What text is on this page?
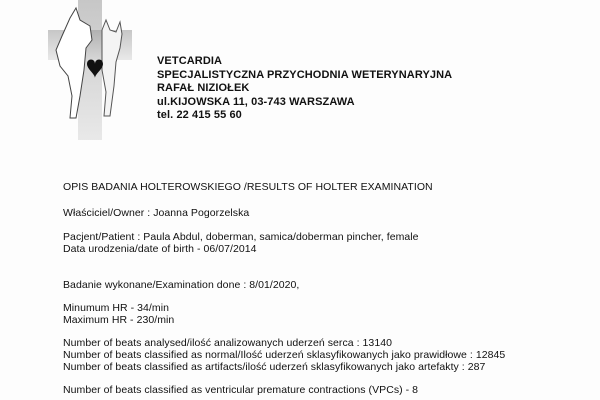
VETCARDIA
SPECJALISTYCZNA PRZYCHODNIA WETERYNARYJNA
RAFAŁ NIZIOŁEK
ul.KIJOWSKA 11, 03-743 WARSZAWA
tel. 22 415 55 60
OPIS BADANIA HOLTEROWSKIEGO /RESULTS OF HOLTER EXAMINATION
Właściciel/Owner : Joanna Pogorzelska
Pacjent/Patient : Paula Abdul, doberman, samica/doberman pincher, female
Data urodzenia/date of birth - 06/07/2014
Badanie wykonane/Examination done : 8/01/2020,
Minumum HR - 34/min
Maximum HR - 230/min
Number of beats analysed/ilość analizowanych uderzeń serca : 13140
Number of beats classified as normal/Ilość uderzeń sklasyfikowanych jako prawidłowe : 12845
Number of beats classified as artifacts/ilość uderzeń sklasyfikowanych jako artefakty : 287
Number of beats classified as ventricular premature contractions (VPCs) - 8
